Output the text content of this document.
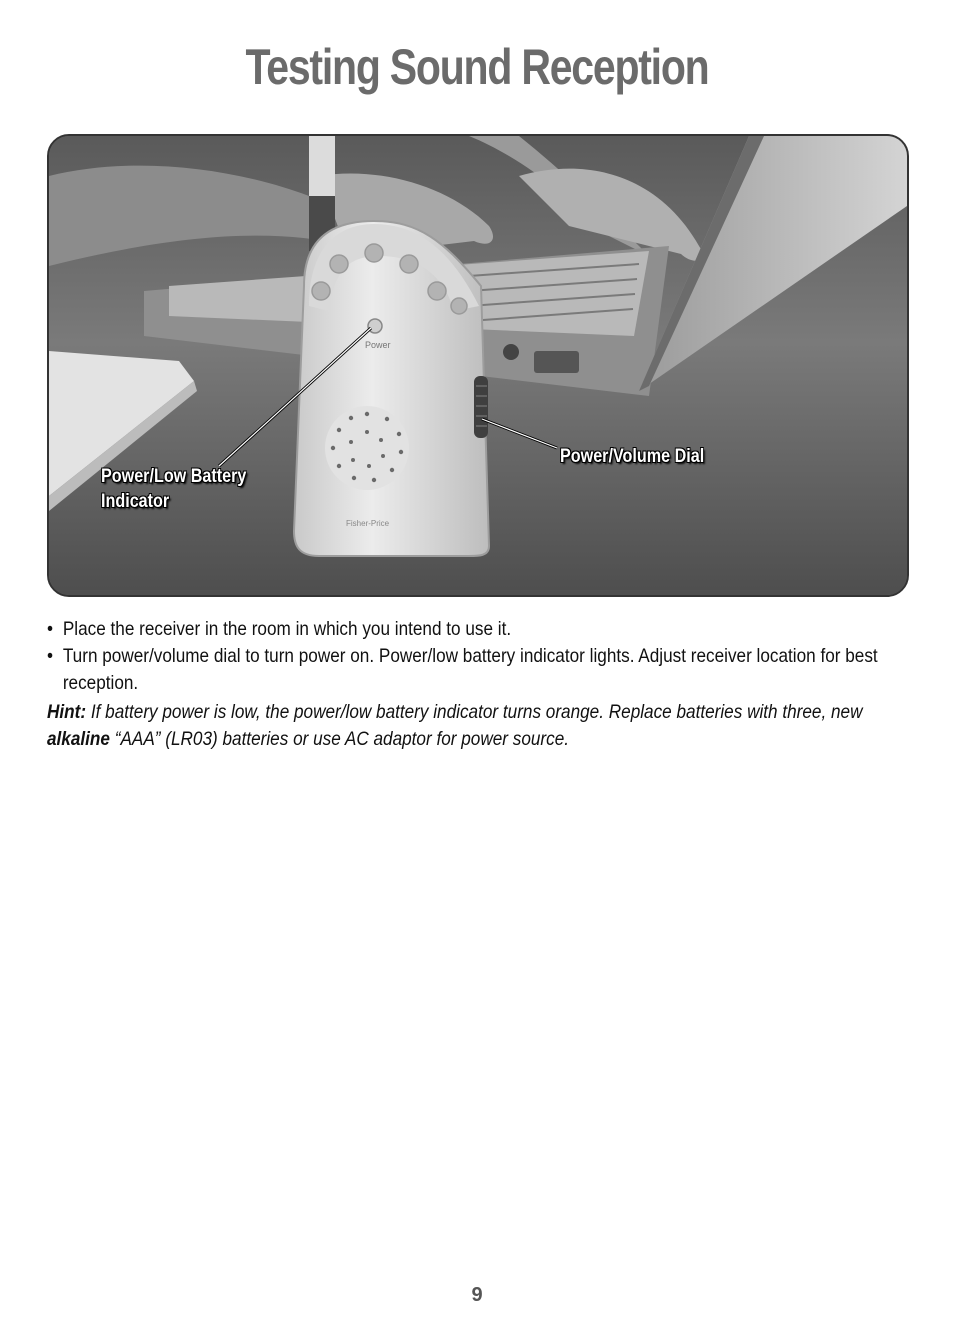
Testing Sound Reception
Power
Fisher-Price
Power/Low Battery
Indicator
Power/Volume Dial

• Place the receiver in the room in which you intend to use it.

• Turn power/volume dial to turn power on. Power/low battery indicator lights. Adjust receiver location for best reception.

Hint: If battery power is low, the power/low battery indicator turns orange. Replace batteries with three, new alkaline “AAA” (LR03) batteries or use AC adaptor for power source.

9
